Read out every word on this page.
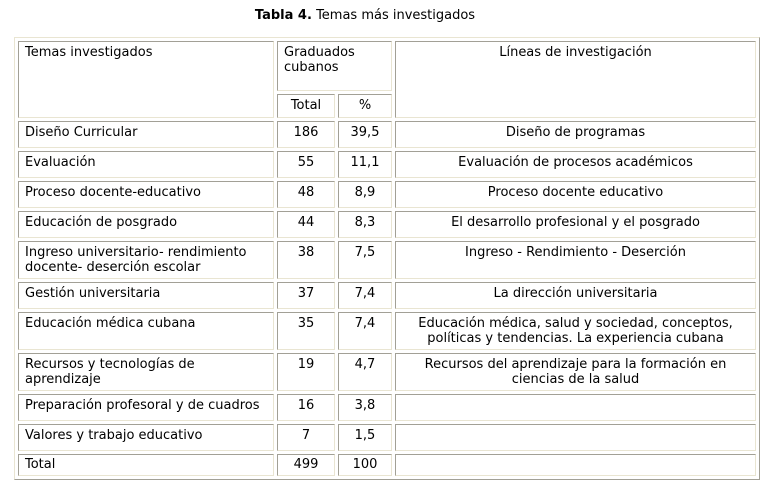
Tabla 4. Temas más investigados
Temas investigados	Graduados cubanos		Líneas de investigación
	Total	%	
Diseño Curricular	186	39,5	Diseño de programas
Evaluación	55	11,1	Evaluación de procesos académicos
Proceso docente-educativo	48	8,9	Proceso docente educativo
Educación de posgrado	44	8,3	El desarrollo profesional y el posgrado
Ingreso universitario- rendimiento docente- deserción escolar	38	7,5	Ingreso - Rendimiento - Deserción
Gestión universitaria	37	7,4	La dirección universitaria
Educación médica cubana	35	7,4	Educación médica, salud y sociedad, conceptos, políticas y tendencias. La experiencia cubana
Recursos y tecnologías de aprendizaje	19	4,7	Recursos del aprendizaje para la formación en ciencias de la salud
Preparación profesoral y de cuadros	16	3,8	
Valores y trabajo educativo	7	1,5	
Total	499	100	
